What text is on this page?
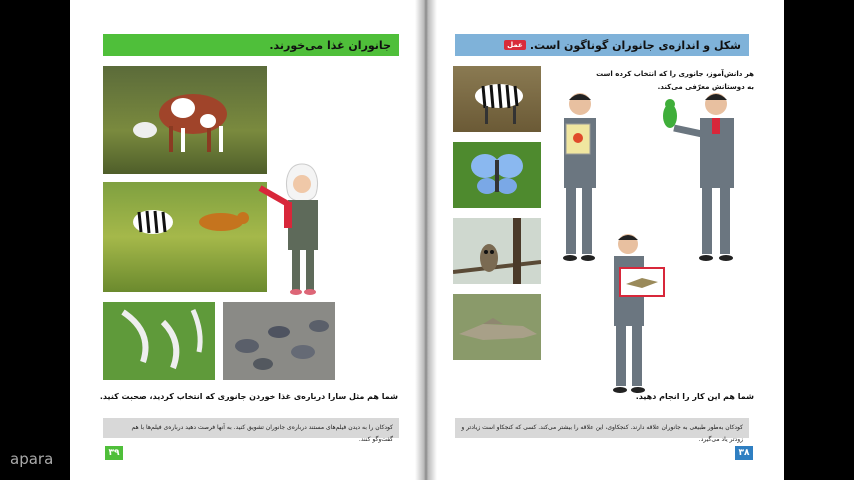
جانوران غذا می‌خورند.
شما هم مثل سارا درباره‌ی غذا خوردن جانوری که انتخاب کردید، صحبت کنید.
کودکان را به دیدن فیلم‌های مستند درباره‌ی جانوران تشویق کنید. به آنها فرصت دهید درباره‌ی فیلم‌ها با هم گفت‌وگو کنند.
۳۹
شکل و اندازه‌ی جانوران گوناگون است.
عمل
هر دانش‌آموز، جانوری را که انتخاب کرده است به دوستانش معرّفی می‌کند.
شما هم این کار را انجام دهید.
کودکان به‌طور طبیعی به جانوران علاقه دارند. کنجکاوی، این علاقه را بیشتر می‌کند. کسی که کنجکاو است زیادتر و زودتر یاد می‌گیرد.
۳۸
apara
